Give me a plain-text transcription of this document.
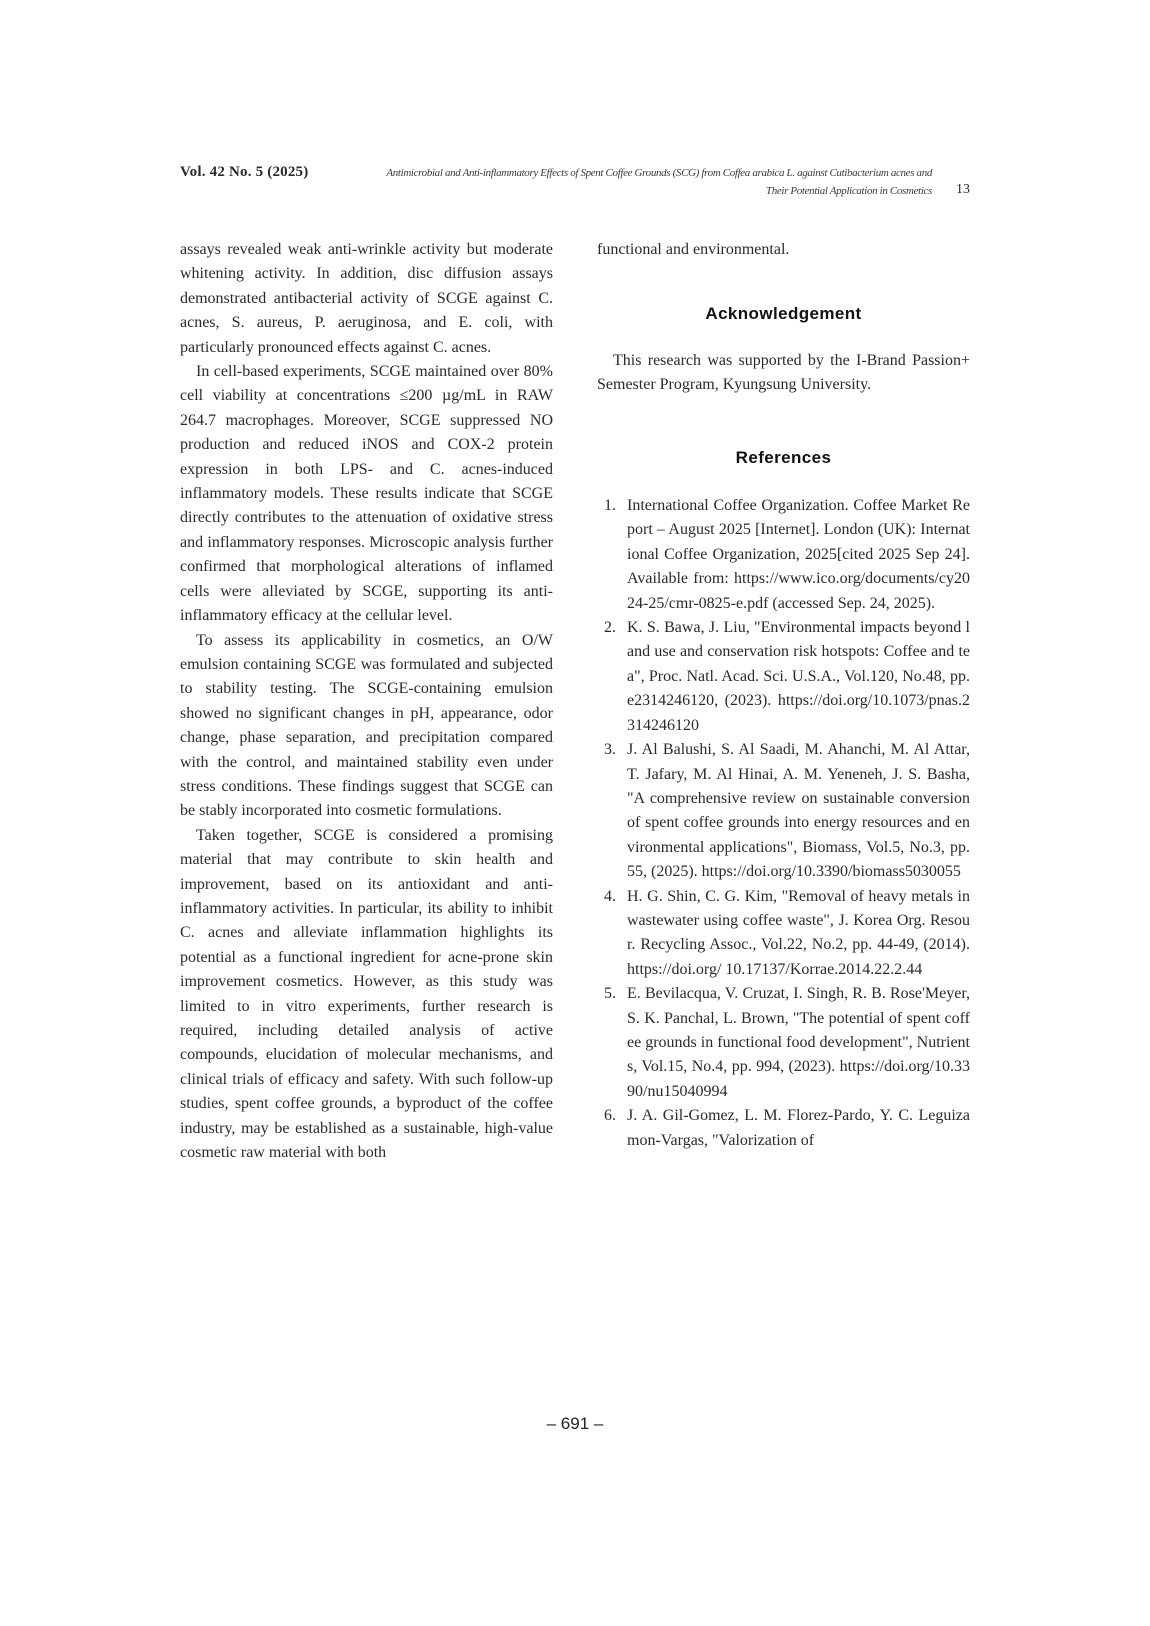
Vol. 42 No. 5 (2025)	Antimicrobial and Anti-inflammatory Effects of Spent Coffee Grounds (SCG) from Coffea arabica L. against Cutibacterium acnes and
Their Potential Application in Cosmetics 13

assays revealed weak anti-wrinkle activity but moderate whitening activity. In addition, disc diffusion assays demonstrated antibacterial activity of SCGE against C. acnes, S. aureus, P. aeruginosa, and E. coli, with particularly pronounced effects against C. acnes.

In cell-based experiments, SCGE maintained over 80% cell viability at concentrations ≤200 µg/mL in RAW 264.7 macrophages. Moreover, SCGE suppressed NO production and reduced iNOS and COX-2 protein expression in both LPS- and C. acnes-induced inflammatory models. These results indicate that SCGE directly contributes to the attenuation of oxidative stress and inflammatory responses. Microscopic analysis further confirmed that morphological alterations of inflamed cells were alleviated by SCGE, supporting its anti-inflammatory efficacy at the cellular level.

To assess its applicability in cosmetics, an O/W emulsion containing SCGE was formulated and subjected to stability testing. The SCGE-containing emulsion showed no significant changes in pH, appearance, odor change, phase separation, and precipitation compared with the control, and maintained stability even under stress conditions. These findings suggest that SCGE can be stably incorporated into cosmetic formulations.

Taken together, SCGE is considered a promising material that may contribute to skin health and improvement, based on its antioxidant and anti-inflammatory activities. In particular, its ability to inhibit C. acnes and alleviate inflammation highlights its potential as a functional ingredient for acne-prone skin improvement cosmetics. However, as this study was limited to in vitro experiments, further research is required, including detailed analysis of active compounds, elucidation of molecular mechanisms, and clinical trials of efficacy and safety. With such follow-up studies, spent coffee grounds, a byproduct of the coffee industry, may be established as a sustainable, high-value cosmetic raw material with both

functional and environmental.

Acknowledgement

This research was supported by the I-Brand Passion+ Semester Program, Kyungsung University.

References
1. International Coffee Organization. Coffee Market Report – August 2025 [Internet]. London (UK): International Coffee Organization, 2025[cited 2025 Sep 24]. Available from: https://www.ico.org/documents/cy2024-25/cmr-0825-e.pdf (accessed Sep. 24, 2025).
2. K. S. Bawa, J. Liu, "Environmental impacts beyond land use and conservation risk hotspots: Coffee and tea", Proc. Natl. Acad. Sci. U.S.A., Vol.120, No.48, pp. e2314246120, (2023). https://doi.org/10.1073/pnas.2314246120
3. J. Al Balushi, S. Al Saadi, M. Ahanchi, M. Al Attar, T. Jafary, M. Al Hinai, A. M. Yeneneh, J. S. Basha, "A comprehensive review on sustainable conversion of spent coffee grounds into energy resources and environmental applications", Biomass, Vol.5, No.3, pp. 55, (2025). https://doi.org/10.3390/biomass5030055
4. H. G. Shin, C. G. Kim, "Removal of heavy metals in wastewater using coffee waste", J. Korea Org. Resour. Recycling Assoc., Vol.22, No.2, pp. 44-49, (2014). https://doi.org/ 10.17137/Korrae.2014.22.2.44
5. E. Bevilacqua, V. Cruzat, I. Singh, R. B. Rose'Meyer, S. K. Panchal, L. Brown, "The potential of spent coffee grounds in functional food development", Nutrients, Vol.15, No.4, pp. 994, (2023). https://doi.org/10.3390/nu15040994
6. J. A. Gil-Gomez, L. M. Florez-Pardo, Y. C. Leguizamon-Vargas, "Valorization of
– 691 –
